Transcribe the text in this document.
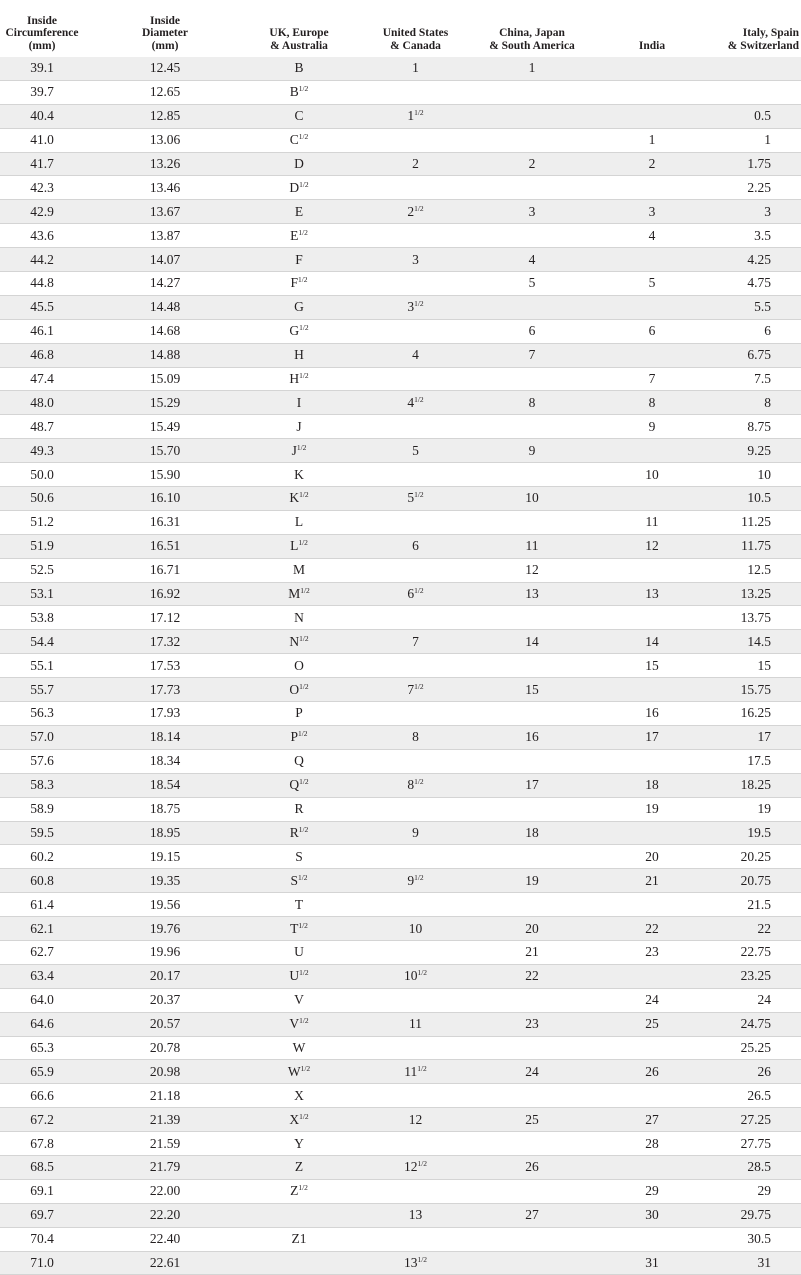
Inside
Circumference
(mm)	Inside
Diameter
(mm)	UK, Europe
& Australia	United States
& Canada	China, Japan
& South America	India	Italy, Spain
& Switzerland
39.1	12.45	B	1	1		
39.7	12.65	$B^{1/2}$				
40.4	12.85	C	$1^{1/2}$			0.5
41.0	13.06	$C^{1/2}$			1	1
41.7	13.26	D	2	2	2	1.75
42.3	13.46	$D^{1/2}$				2.25
42.9	13.67	E	$2^{1/2}$	3	3	3
43.6	13.87	$E^{1/2}$			4	3.5
44.2	14.07	F	3	4		4.25
44.8	14.27	$F^{1/2}$		5	5	4.75
45.5	14.48	G	$3^{1/2}$			5.5
46.1	14.68	$G^{1/2}$		6	6	6
46.8	14.88	H	4	7		6.75
47.4	15.09	$H^{1/2}$			7	7.5
48.0	15.29	I	$4^{1/2}$	8	8	8
48.7	15.49	J			9	8.75
49.3	15.70	$J^{1/2}$	5	9		9.25
50.0	15.90	K			10	10
50.6	16.10	$K^{1/2}$	$5^{1/2}$	10		10.5
51.2	16.31	L			11	11.25
51.9	16.51	$L^{1/2}$	6	11	12	11.75
52.5	16.71	M		12		12.5
53.1	16.92	$M^{1/2}$	$6^{1/2}$	13	13	13.25
53.8	17.12	N				13.75
54.4	17.32	$N^{1/2}$	7	14	14	14.5
55.1	17.53	O			15	15
55.7	17.73	$O^{1/2}$	$7^{1/2}$	15		15.75
56.3	17.93	P			16	16.25
57.0	18.14	$P^{1/2}$	8	16	17	17
57.6	18.34	Q				17.5
58.3	18.54	$Q^{1/2}$	$8^{1/2}$	17	18	18.25
58.9	18.75	R			19	19
59.5	18.95	$R^{1/2}$	9	18		19.5
60.2	19.15	S			20	20.25
60.8	19.35	$S^{1/2}$	$9^{1/2}$	19	21	20.75
61.4	19.56	T				21.5
62.1	19.76	$T^{1/2}$	10	20	22	22
62.7	19.96	U		21	23	22.75
63.4	20.17	$U^{1/2}$	$10^{1/2}$	22		23.25
64.0	20.37	V			24	24
64.6	20.57	$V^{1/2}$	11	23	25	24.75
65.3	20.78	W				25.25
65.9	20.98	$W^{1/2}$	$11^{1/2}$	24	26	26
66.6	21.18	X				26.5
67.2	21.39	$X^{1/2}$	12	25	27	27.25
67.8	21.59	Y			28	27.75
68.5	21.79	Z	$12^{1/2}$	26		28.5
69.1	22.00	$Z^{1/2}$			29	29
69.7	22.20		13	27	30	29.75
70.4	22.40	Z1				30.5
71.0	22.61		$13^{1/2}$		31	31
